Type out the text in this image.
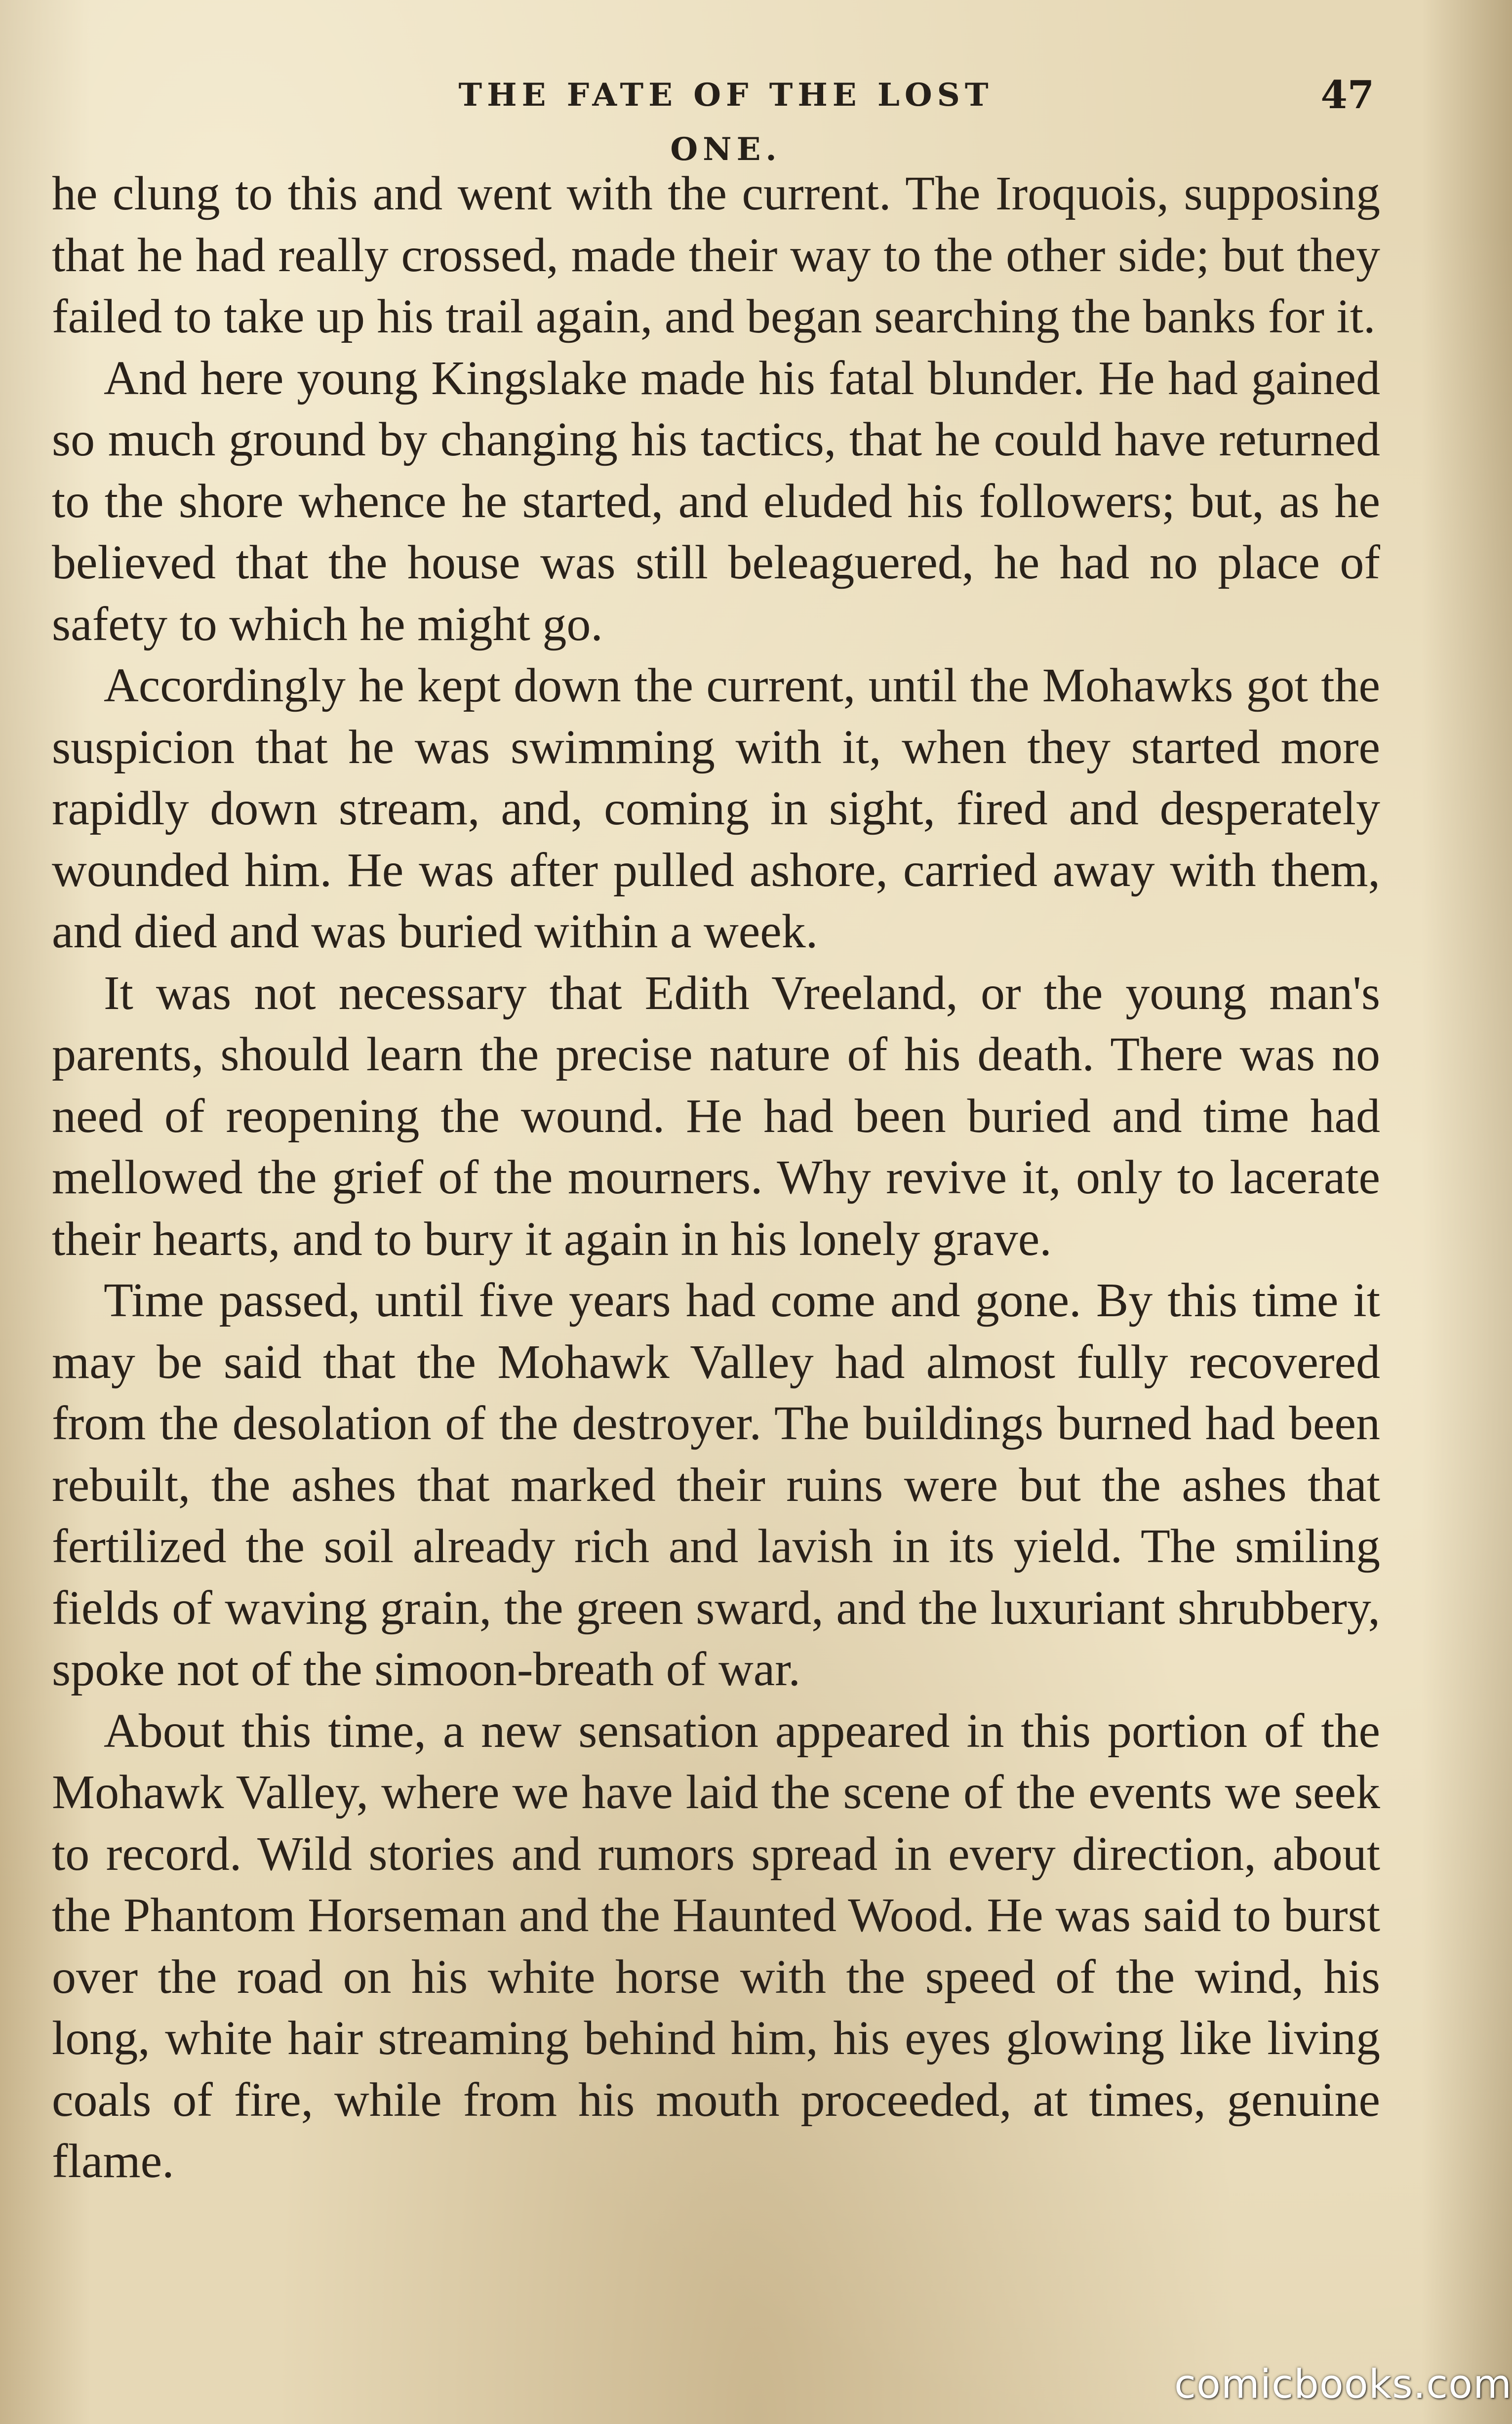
THE FATE OF THE LOST ONE.
47

he clung to this and went with the current. The Iroquois, supposing that he had really crossed, made their way to the other side; but they failed to take up his trail again, and began searching the banks for it.

And here young Kingslake made his fatal blunder. He had gained so much ground by changing his tactics, that he could have returned to the shore whence he started, and eluded his followers; but, as he believed that the house was still beleaguered, he had no place of safety to which he might go.

Accordingly he kept down the current, until the Mohawks got the suspicion that he was swimming with it, when they started more rapidly down stream, and, coming in sight, fired and desperately wounded him. He was after pulled ashore, carried away with them, and died and was buried within a week.

It was not necessary that Edith Vreeland, or the young man's parents, should learn the precise nature of his death. There was no need of reopening the wound. He had been buried and time had mellowed the grief of the mourners. Why revive it, only to lacerate their hearts, and to bury it again in his lonely grave.

Time passed, until five years had come and gone. By this time it may be said that the Mohawk Valley had almost fully recovered from the desolation of the destroyer. The buildings burned had been rebuilt, the ashes that marked their ruins were but the ashes that fertilized the soil already rich and lavish in its yield. The smiling fields of waving grain, the green sward, and the luxuriant shrubbery, spoke not of the simoon-breath of war.

About this time, a new sensation appeared in this portion of the Mohawk Valley, where we have laid the scene of the events we seek to record. Wild stories and rumors spread in every direction, about the Phantom Horseman and the Haunted Wood. He was said to burst over the road on his white horse with the speed of the wind, his long, white hair streaming behind him, his eyes glowing like living coals of fire, while from his mouth proceeded, at times, genuine flame.

comicbooks.com
